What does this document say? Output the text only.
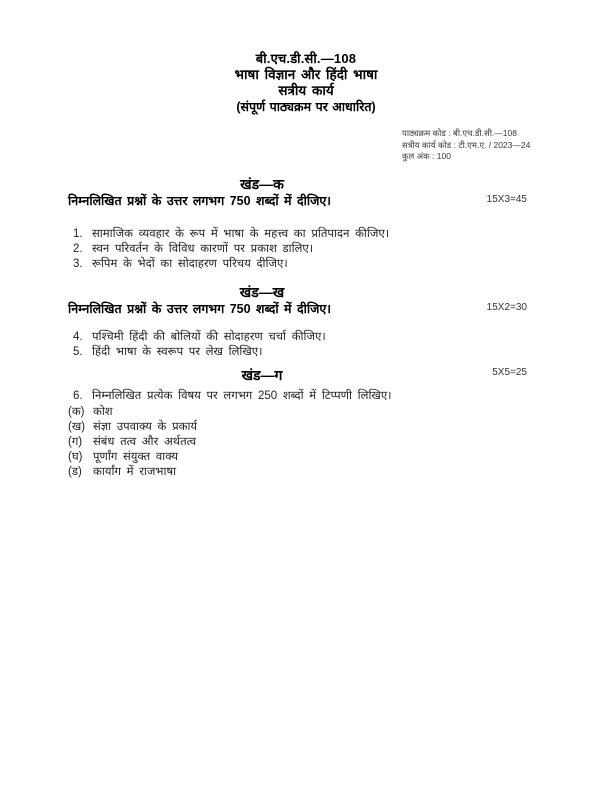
बी.एच.डी.सी.—108
भाषा विज्ञान और हिंदी भाषा
सत्रीय कार्य
(संपूर्ण पाठ्यक्रम पर आधारित)
पाठ्यक्रम कोड : बी.एच.डी.सी.—108
सत्रीय कार्य कोड : टी.एम.ए. / 2023—24
कुल अंक : 100
खंड—क
निम्नलिखित प्रश्नों के उत्तर लगभग 750 शब्दों में दीजिए।	15X3=45
1. सामाजिक व्यवहार के रूप में भाषा के महत्त्व का प्रतिपादन कीजिए।
2. स्वन परिवर्तन के विविध कारणों पर प्रकाश डालिए।
3. रूपिम के भेदों का सोदाहरण परिचय दीजिए।
खंड—ख
निम्नलिखित प्रश्नों के उत्तर लगभग 750 शब्दों में दीजिए।	15X2=30
4. पश्चिमी हिंदी की बोलियों की सोदाहरण चर्चा कीजिए।
5. हिंदी भाषा के स्वरूप पर लेख लिखिए।
खंड—ग	5X5=25
6. निम्नलिखित प्रत्येक विषय पर लगभग 250 शब्दों में टिप्पणी लिखिए।
(क) कोश
(ख) संज्ञा उपवाक्य के प्रकार्य
(ग) संबंध तत्व और अर्थतत्व
(घ) पूर्णांग संयुक्त वाक्य
(ड) कार्यांग में राजभाषा
